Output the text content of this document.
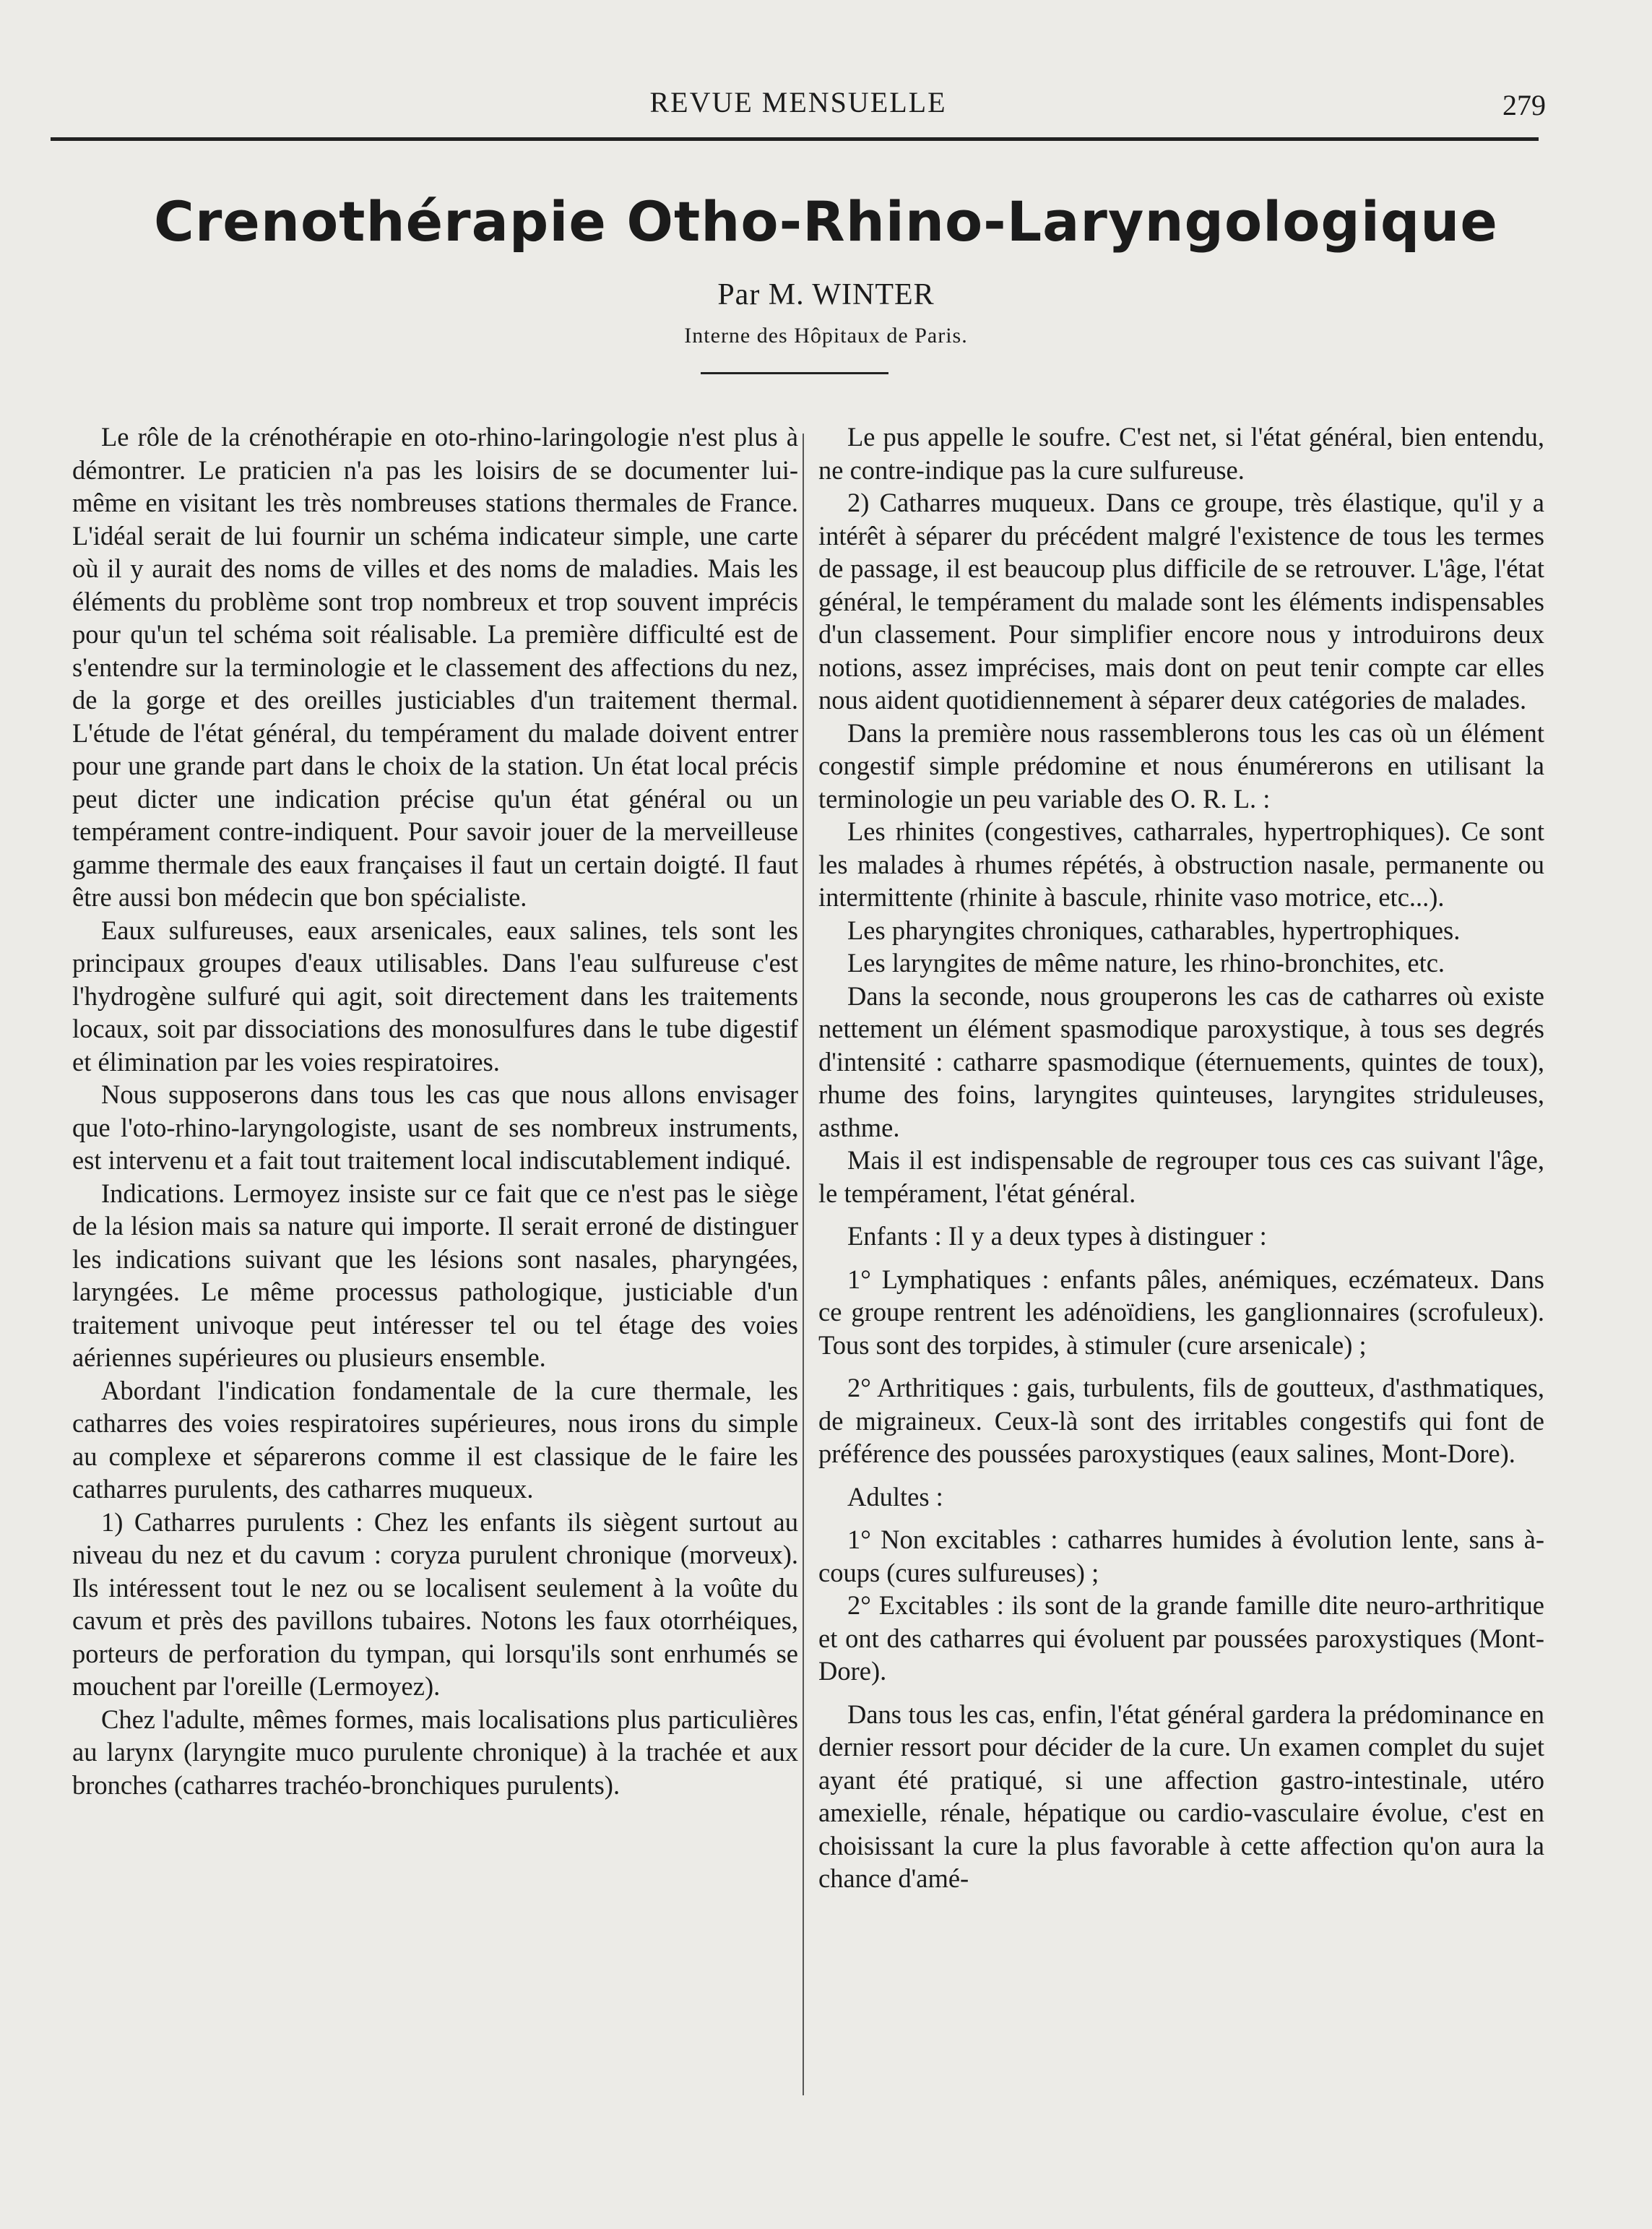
REVUE MENSUELLE	279
Crenothérapie Otho-Rhino-Laryngologique
Par M. WINTER
Interne des Hôpitaux de Paris.

Le rôle de la crénothérapie en oto-rhino-laringologie n'est plus à démontrer. Le praticien n'a pas les loisirs de se documenter lui-même en visitant les très nombreuses stations thermales de France. L'idéal serait de lui fournir un schéma indicateur simple, une carte où il y aurait des noms de villes et des noms de maladies. Mais les éléments du problème sont trop nombreux et trop souvent imprécis pour qu'un tel schéma soit réalisable. La première difficulté est de s'entendre sur la terminologie et le classement des affections du nez, de la gorge et des oreilles justiciables d'un traitement thermal. L'étude de l'état général, du tempérament du malade doivent entrer pour une grande part dans le choix de la station. Un état local précis peut dicter une indication précise qu'un état général ou un tempérament contre-indiquent. Pour savoir jouer de la merveilleuse gamme thermale des eaux françaises il faut un certain doigté. Il faut être aussi bon médecin que bon spécialiste.

Eaux sulfureuses, eaux arsenicales, eaux salines, tels sont les principaux groupes d'eaux utilisables. Dans l'eau sulfureuse c'est l'hydrogène sulfuré qui agit, soit directement dans les traitements locaux, soit par dissociations des monosulfures dans le tube digestif et élimination par les voies respiratoires.

Nous supposerons dans tous les cas que nous allons envisager que l'oto-rhino-laryngologiste, usant de ses nombreux instruments, est intervenu et a fait tout traitement local indiscutablement indiqué.

Indications. Lermoyez insiste sur ce fait que ce n'est pas le siège de la lésion mais sa nature qui importe. Il serait erroné de distinguer les indications suivant que les lésions sont nasales, pharyngées, laryngées. Le même processus pathologique, justiciable d'un traitement univoque peut intéresser tel ou tel étage des voies aériennes supérieures ou plusieurs ensemble.

Abordant l'indication fondamentale de la cure thermale, les catharres des voies respiratoires supérieures, nous irons du simple au complexe et séparerons comme il est classique de le faire les catharres purulents, des catharres muqueux.

1) Catharres purulents : Chez les enfants ils siègent surtout au niveau du nez et du cavum : coryza purulent chronique (morveux). Ils intéressent tout le nez ou se localisent seulement à la voûte du cavum et près des pavillons tubaires. Notons les faux otorrhéiques, porteurs de perforation du tympan, qui lorsqu'ils sont enrhumés se mouchent par l'oreille (Lermoyez).

Chez l'adulte, mêmes formes, mais localisations plus particulières au larynx (laryngite muco purulente chronique) à la trachée et aux bronches (catharres trachéo-bronchiques purulents).

Le pus appelle le soufre. C'est net, si l'état général, bien entendu, ne contre-indique pas la cure sulfureuse.

2) Catharres muqueux. Dans ce groupe, très élastique, qu'il y a intérêt à séparer du précédent malgré l'existence de tous les termes de passage, il est beaucoup plus difficile de se retrouver. L'âge, l'état général, le tempérament du malade sont les éléments indispensables d'un classement. Pour simplifier encore nous y introduirons deux notions, assez imprécises, mais dont on peut tenir compte car elles nous aident quotidiennement à séparer deux catégories de malades.

Dans la première nous rassemblerons tous les cas où un élément congestif simple prédomine et nous énumérerons en utilisant la terminologie un peu variable des O. R. L. :

Les rhinites (congestives, catharrales, hypertrophiques). Ce sont les malades à rhumes répétés, à obstruction nasale, permanente ou intermittente (rhinite à bascule, rhinite vaso motrice, etc...).

Les pharyngites chroniques, catharables, hypertrophiques.

Les laryngites de même nature, les rhino-bronchites, etc.

Dans la seconde, nous grouperons les cas de catharres où existe nettement un élément spasmodique paroxystique, à tous ses degrés d'intensité : catharre spasmodique (éternuements, quintes de toux), rhume des foins, laryngites quinteuses, laryngites striduleuses, asthme.

Mais il est indispensable de regrouper tous ces cas suivant l'âge, le tempérament, l'état général.

Enfants : Il y a deux types à distinguer :

1° Lymphatiques : enfants pâles, anémiques, eczémateux. Dans ce groupe rentrent les adénoïdiens, les ganglionnaires (scrofuleux). Tous sont des torpides, à stimuler (cure arsenicale) ;

2° Arthritiques : gais, turbulents, fils de goutteux, d'asthmatiques, de migraineux. Ceux-là sont des irritables congestifs qui font de préférence des poussées paroxystiques (eaux salines, Mont-Dore).

Adultes :

1° Non excitables : catharres humides à évolution lente, sans à-coups (cures sulfureuses) ;

2° Excitables : ils sont de la grande famille dite neuro-arthritique et ont des catharres qui évoluent par poussées paroxystiques (Mont-Dore).

Dans tous les cas, enfin, l'état général gardera la prédominance en dernier ressort pour décider de la cure. Un examen complet du sujet ayant été pratiqué, si une affection gastro-intestinale, utéro amexielle, rénale, hépatique ou cardio-vasculaire évolue, c'est en choisissant la cure la plus favorable à cette affection qu'on aura la chance d'amé-
